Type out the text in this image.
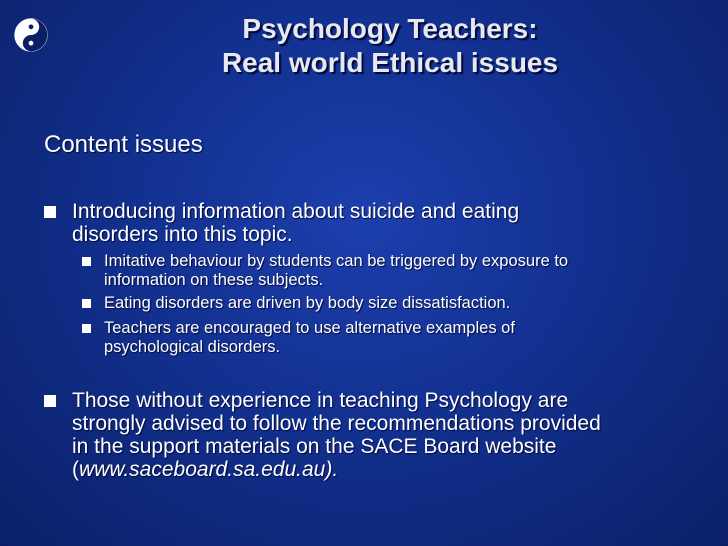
Psychology Teachers:
Real world Ethical issues
Content issues
Introducing information about suicide and eating
disorders into this topic.
Imitative behaviour by students can be triggered by exposure to
information on these subjects.
Eating disorders are driven by body size dissatisfaction.
Teachers are encouraged to use alternative examples of
psychological disorders.
Those without experience in teaching Psychology are
strongly advised to follow the recommendations provided
in the support materials on the SACE Board website
(www.saceboard.sa.edu.au).
